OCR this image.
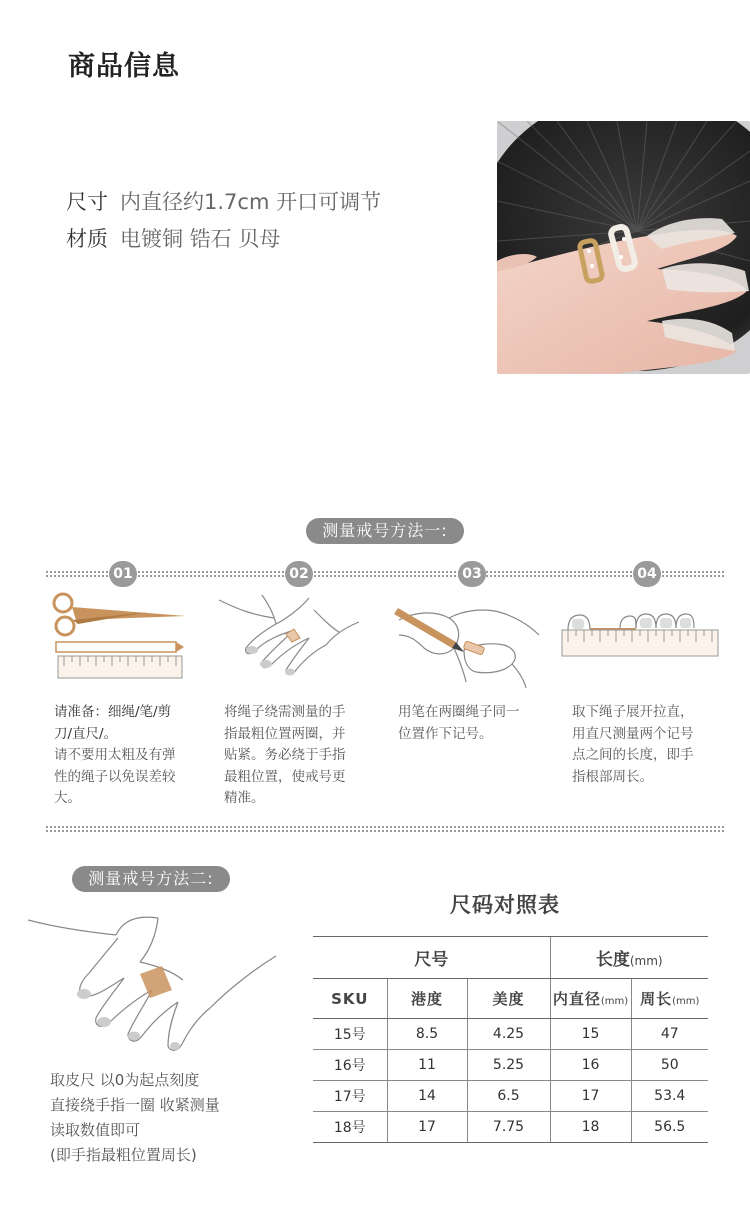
商品信息
尺寸 内直径约1.7cm 开口可调节
材质 电镀铜 锆石 贝母
测量戒号方法一:
01	02	03	04
请准备：细绳/笔/剪
刀/直尺/。
请不要用太粗及有弹
性的绳子以免误差较
大。
将绳子绕需测量的手
指最粗位置两圈，并
贴紧。务必绕于手指
最粗位置，使戒号更
精准。
用笔在两圈绳子同一
位置作下记号。
取下绳子展开拉直，
用直尺测量两个记号
点之间的长度，即手
指根部周长。
测量戒号方法二:
取皮尺 以0为起点刻度
直接绕手指一圈 收紧测量
读取数值即可
(即手指最粗位置周长)
尺码对照表
尺号			长度(mm)	
SKU	港度	美度	内直径(mm)	周长(mm)
15号	8.5	4.25	15	47
16号	11	5.25	16	50
17号	14	6.5	17	53.4
18号	17	7.75	18	56.5
